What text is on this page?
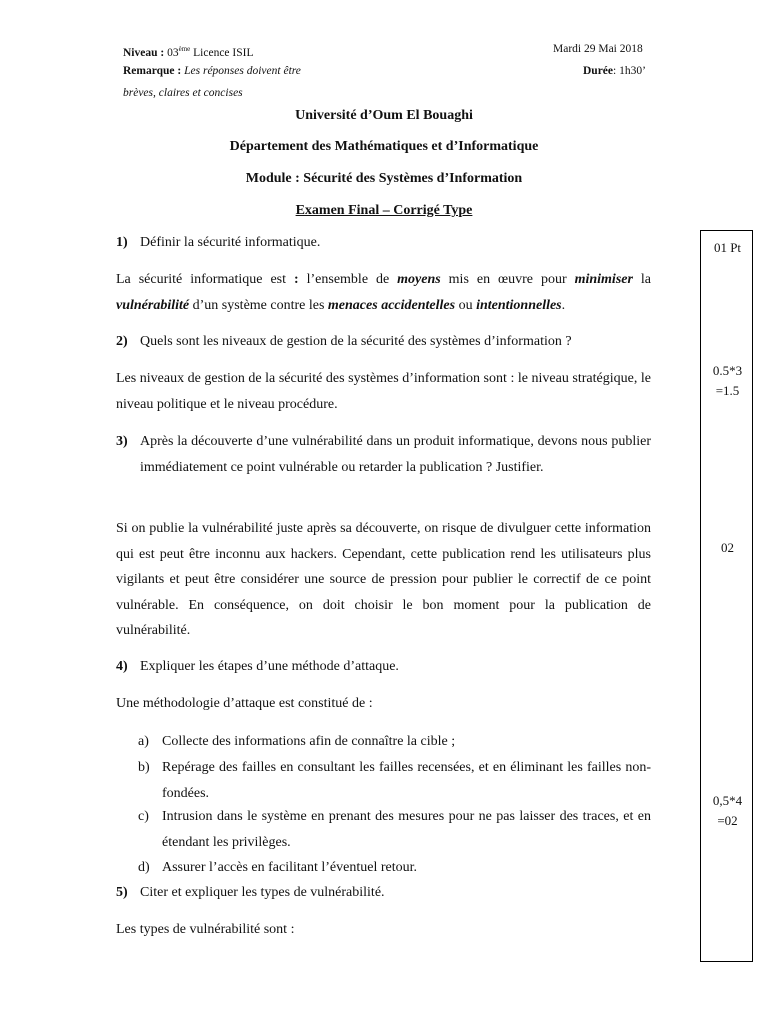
Niveau : 03ème Licence ISIL	Mardi 29 Mai 2018
Remarque : Les réponses doivent être
brèves, claires et concises
Durée: 1h30’
Université d’Oum El Bouaghi
Département des Mathématiques et d’Informatique
Module : Sécurité des Systèmes d’Information
Examen Final – Corrigé Type
1) Définir la sécurité informatique.
La sécurité informatique est : l’ensemble de moyens mis en œuvre pour minimiser la vulnérabilité d’un système contre les menaces accidentelles ou intentionnelles.
2) Quels sont les niveaux de gestion de la sécurité des systèmes d’information ?
Les niveaux de gestion de la sécurité des systèmes d’information sont : le niveau stratégique, le niveau politique et le niveau procédure.
3) Après la découverte d’une vulnérabilité dans un produit informatique, devons nous publier immédiatement ce point vulnérable ou retarder la publication ? Justifier.
Si on publie la vulnérabilité juste après sa découverte, on risque de divulguer cette information qui est peut être inconnu aux hackers. Cependant, cette publication rend les utilisateurs plus vigilants et peut être considérer une source de pression pour publier le correctif de ce point vulnérable. En conséquence, on doit choisir le bon moment pour la publication de vulnérabilité.
4) Expliquer les étapes d’une méthode d’attaque.
Une méthodologie d’attaque est constitué de :
a) Collecte des informations afin de connaître la cible ;
b) Repérage des failles en consultant les failles recensées, et en éliminant les failles non-fondées.
c) Intrusion dans le système en prenant des mesures pour ne pas laisser des traces, et en étendant les privilèges.
d) Assurer l’accès en facilitant l’éventuel retour.
5) Citer et expliquer les types de vulnérabilité.
Les types de vulnérabilité sont :
01 Pt
0.5*3
=1.5
02
0,5*4
=02
